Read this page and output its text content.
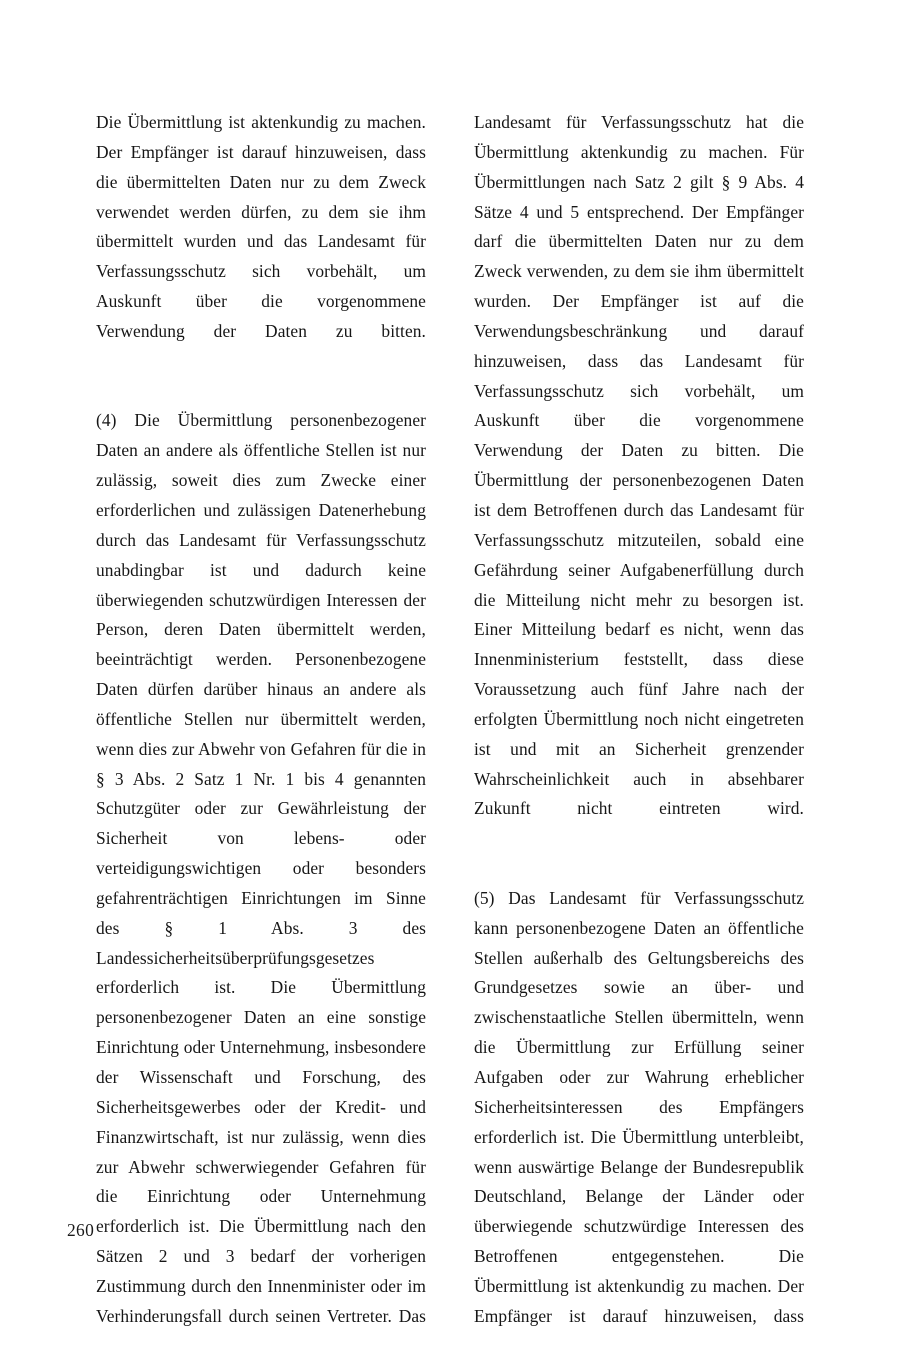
Die Übermittlung ist aktenkundig zu machen. Der Empfänger ist darauf hinzuweisen, dass die übermittelten Daten nur zu dem Zweck verwendet werden dürfen, zu dem sie ihm übermittelt wurden und das Landesamt für Verfassungsschutz sich vorbehält, um Auskunft über die vorgenommene Verwendung der Daten zu bitten.

(4) Die Übermittlung personenbezogener Daten an andere als öffentliche Stellen ist nur zulässig, soweit dies zum Zwecke einer erforderlichen und zulässigen Datenerhebung durch das Landesamt für Verfassungsschutz unabdingbar ist und dadurch keine überwiegenden schutzwürdigen Interessen der Person, deren Daten übermittelt werden, beeinträchtigt werden. Personenbezogene Daten dürfen darüber hinaus an andere als öffentliche Stellen nur übermittelt werden, wenn dies zur Abwehr von Gefahren für die in § 3 Abs. 2 Satz 1 Nr. 1 bis 4 genannten Schutzgüter oder zur Gewährleistung der Sicherheit von lebens- oder verteidigungswichtigen oder besonders gefahrenträchtigen Einrichtungen im Sinne des § 1 Abs. 3 des Landessicherheitsüberprüfungsgesetzes erforderlich ist. Die Übermittlung personenbezogener Daten an eine sonstige Einrichtung oder Unternehmung, insbesondere der Wissenschaft und Forschung, des Sicherheitsgewerbes oder der Kredit- und Finanzwirtschaft, ist nur zulässig, wenn dies zur Abwehr schwerwiegender Gefahren für die Einrichtung oder Unternehmung erforderlich ist. Die Übermittlung nach den Sätzen 2 und 3 bedarf der vorherigen Zustimmung durch den Innenminister oder im Verhinderungsfall durch seinen Vertreter. Das

Landesamt für Verfassungsschutz hat die Übermittlung aktenkundig zu machen. Für Übermittlungen nach Satz 2 gilt § 9 Abs. 4 Sätze 4 und 5 entsprechend. Der Empfänger darf die übermittelten Daten nur zu dem Zweck verwenden, zu dem sie ihm übermittelt wurden. Der Empfänger ist auf die Verwendungsbeschränkung und darauf hinzuweisen, dass das Landesamt für Verfassungsschutz sich vorbehält, um Auskunft über die vorgenommene Verwendung der Daten zu bitten. Die Übermittlung der personenbezogenen Daten ist dem Betroffenen durch das Landesamt für Verfassungsschutz mitzuteilen, sobald eine Gefährdung seiner Aufgabenerfüllung durch die Mitteilung nicht mehr zu besorgen ist. Einer Mitteilung bedarf es nicht, wenn das Innenministerium feststellt, dass diese Voraussetzung auch fünf Jahre nach der erfolgten Übermittlung noch nicht eingetreten ist und mit an Sicherheit grenzender Wahrscheinlichkeit auch in absehbarer Zukunft nicht eintreten wird.

(5) Das Landesamt für Verfassungsschutz kann personenbezogene Daten an öffentliche Stellen außerhalb des Geltungsbereichs des Grundgesetzes sowie an über- und zwischenstaatliche Stellen übermitteln, wenn die Übermittlung zur Erfüllung seiner Aufgaben oder zur Wahrung erheblicher Sicherheitsinteressen des Empfängers erforderlich ist. Die Übermittlung unterbleibt, wenn auswärtige Belange der Bundesrepublik Deutschland, Belange der Länder oder überwiegende schutzwürdige Interessen des Betroffenen entgegenstehen. Die Übermittlung ist aktenkundig zu machen. Der Empfänger ist darauf hinzuweisen, dass

260
